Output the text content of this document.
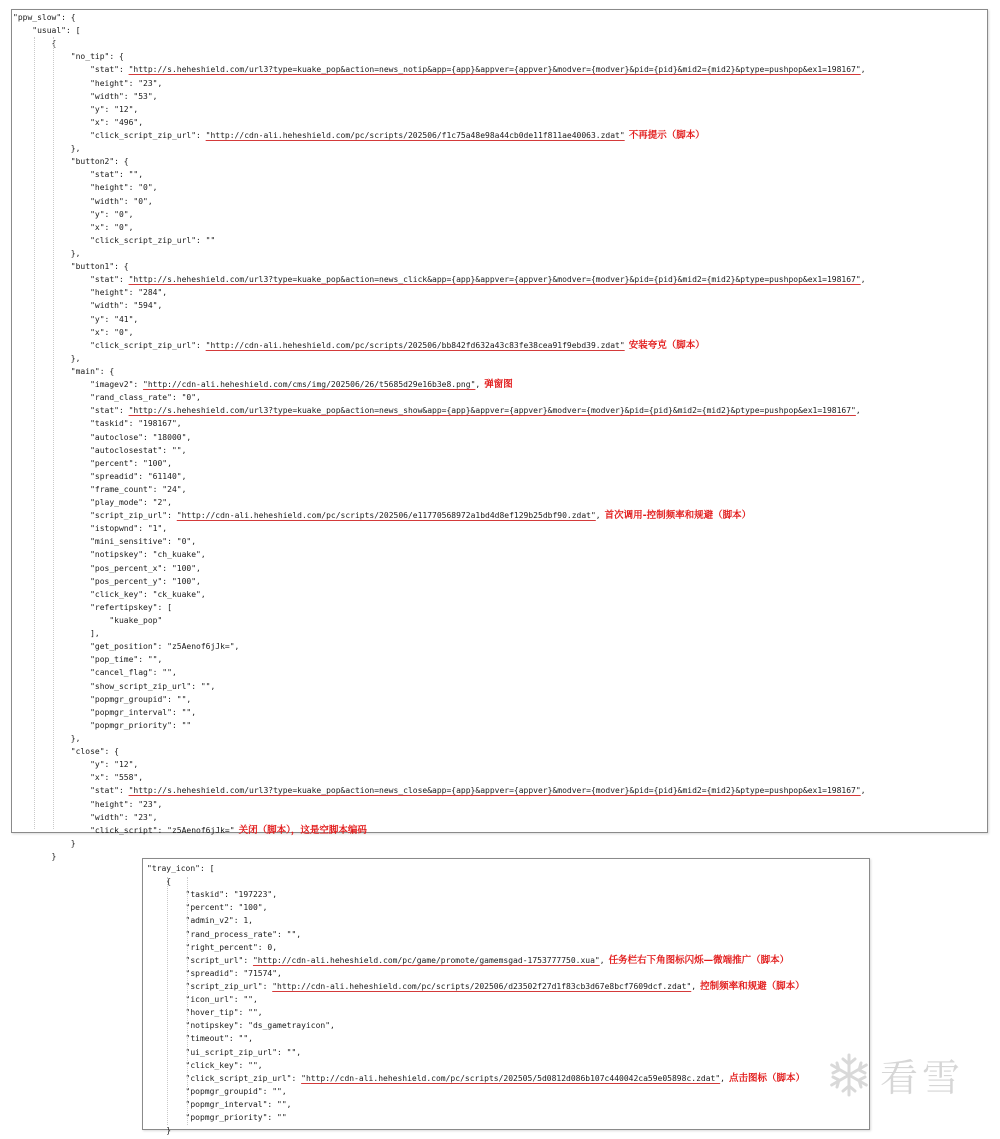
"ppw_slow": {
"usual": [
{
"no_tip": {
"stat": "http://s.heheshield.com/url3?type=kuake_pop&action=news_notip&app={app}&appver={appver}&modver={modver}&pid={pid}&mid2={mid2}&ptype=pushpop&ex1=198167",
"height": "23",
"width": "53",
"y": "12",
"x": "496",
"click_script_zip_url": "http://cdn-ali.heheshield.com/pc/scripts/202506/f1c75a48e98a44cb0de11f811ae40063.zdat" 不再提示（脚本）
},
"button2": {
"stat": "",
"height": "0",
"width": "0",
"y": "0",
"x": "0",
"click_script_zip_url": ""
},
"button1": {
"stat": "http://s.heheshield.com/url3?type=kuake_pop&action=news_click&app={app}&appver={appver}&modver={modver}&pid={pid}&mid2={mid2}&ptype=pushpop&ex1=198167",
"height": "284",
"width": "594",
"y": "41",
"x": "0",
"click_script_zip_url": "http://cdn-ali.heheshield.com/pc/scripts/202506/bb842fd632a43c83fe38cea91f9ebd39.zdat" 安装夸克（脚本）
},
"main": {
"imagev2": "http://cdn-ali.heheshield.com/cms/img/202506/26/t5685d29e16b3e8.png", 弹窗图
"rand_class_rate": "0",
"stat": "http://s.heheshield.com/url3?type=kuake_pop&action=news_show&app={app}&appver={appver}&modver={modver}&pid={pid}&mid2={mid2}&ptype=pushpop&ex1=198167",
"taskid": "198167",
"autoclose": "18000",
"autoclosestat": "",
"percent": "100",
"spreadid": "61140",
"frame_count": "24",
"play_mode": "2",
"script_zip_url": "http://cdn-ali.heheshield.com/pc/scripts/202506/e11770568972a1bd4d8ef129b25dbf90.zdat", 首次调用-控制频率和规避（脚本）
"istopwnd": "1",
"mini_sensitive": "0",
"notipskey": "ch_kuake",
"pos_percent_x": "100",
"pos_percent_y": "100",
"click_key": "ck_kuake",
"refertipskey": [
"kuake_pop"
],
"get_position": "z5Aenof6jJk=",
"pop_time": "",
"cancel_flag": "",
"show_script_zip_url": "",
"popmgr_groupid": "",
"popmgr_interval": "",
"popmgr_priority": ""
},
"close": {
"y": "12",
"x": "558",
"stat": "http://s.heheshield.com/url3?type=kuake_pop&action=news_close&app={app}&appver={appver}&modver={modver}&pid={pid}&mid2={mid2}&ptype=pushpop&ex1=198167",
"height": "23",
"width": "23",
"click_script": "z5Aenof6jJk=" 关闭（脚本），这是空脚本编码
}
}
"tray_icon": [
{
"taskid": "197223",
"percent": "100",
"admin_v2": 1,
"rand_process_rate": "",
"right_percent": 0,
"script_url": "http://cdn-ali.heheshield.com/pc/game/promote/gamemsgad-1753777750.xua", 任务栏右下角图标闪烁—微端推广（脚本）
"spreadid": "71574",
"script_zip_url": "http://cdn-ali.heheshield.com/pc/scripts/202506/d23502f27d1f83cb3d67e8bcf7609dcf.zdat", 控制频率和规避（脚本）
"icon_url": "",
"hover_tip": "",
"notipskey": "ds_gametrayicon",
"timeout": "",
"ui_script_zip_url": "",
"click_key": "",
"click_script_zip_url": "http://cdn-ali.heheshield.com/pc/scripts/202505/5d0812d086b107c440042ca59e05898c.zdat", 点击图标（脚本）
"popmgr_groupid": "",
"popmgr_interval": "",
"popmgr_priority": ""
}
看雪
